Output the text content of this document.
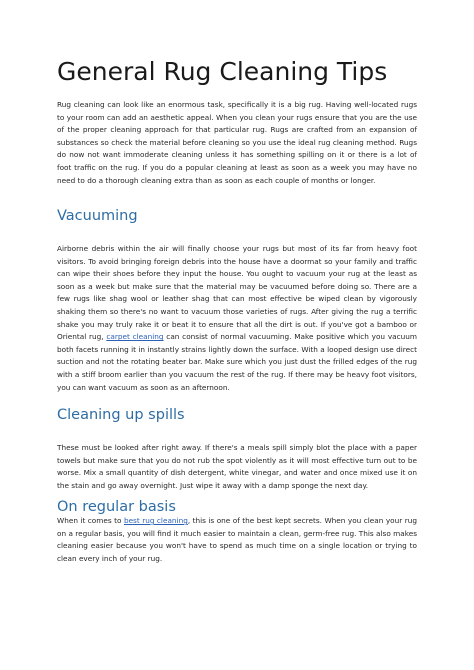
General Rug Cleaning Tips

Rug cleaning can look like an enormous task, specifically it is a big rug. Having well-located rugs to your room can add an aesthetic appeal. When you clean your rugs ensure that you are the use of the proper cleaning approach for that particular rug. Rugs are crafted from an expansion of substances so check the material before cleaning so you use the ideal rug cleaning method. Rugs do now not want immoderate cleaning unless it has something spilling on it or there is a lot of foot traffic on the rug. If you do a popular cleaning at least as soon as a week you may have no need to do a thorough cleaning extra than as soon as each couple of months or longer.

Vacuuming

Airborne debris within the air will finally choose your rugs but most of its far from heavy foot visitors. To avoid bringing foreign debris into the house have a doormat so your family and traffic can wipe their shoes before they input the house. You ought to vacuum your rug at the least as soon as a week but make sure that the material may be vacuumed before doing so. There are a few rugs like shag wool or leather shag that can most effective be wiped clean by vigorously shaking them so there's no want to vacuum those varieties of rugs. After giving the rug a terrific shake you may truly rake it or beat it to ensure that all the dirt is out. If you've got a bamboo or Oriental rug, carpet cleaning can consist of normal vacuuming. Make positive which you vacuum both facets running it in instantly strains lightly down the surface. With a looped design use direct suction and not the rotating beater bar. Make sure which you just dust the frilled edges of the rug with a stiff broom earlier than you vacuum the rest of the rug. If there may be heavy foot visitors, you can want vacuum as soon as an afternoon.

Cleaning up spills

These must be looked after right away. If there's a meals spill simply blot the place with a paper towels but make sure that you do not rub the spot violently as it will most effective turn out to be worse. Mix a small quantity of dish detergent, white vinegar, and water and once mixed use it on the stain and go away overnight. Just wipe it away with a damp sponge the next day.

On regular basis

When it comes to best rug cleaning, this is one of the best kept secrets. When you clean your rug on a regular basis, you will find it much easier to maintain a clean, germ-free rug. This also makes cleaning easier because you won't have to spend as much time on a single location or trying to clean every inch of your rug.
